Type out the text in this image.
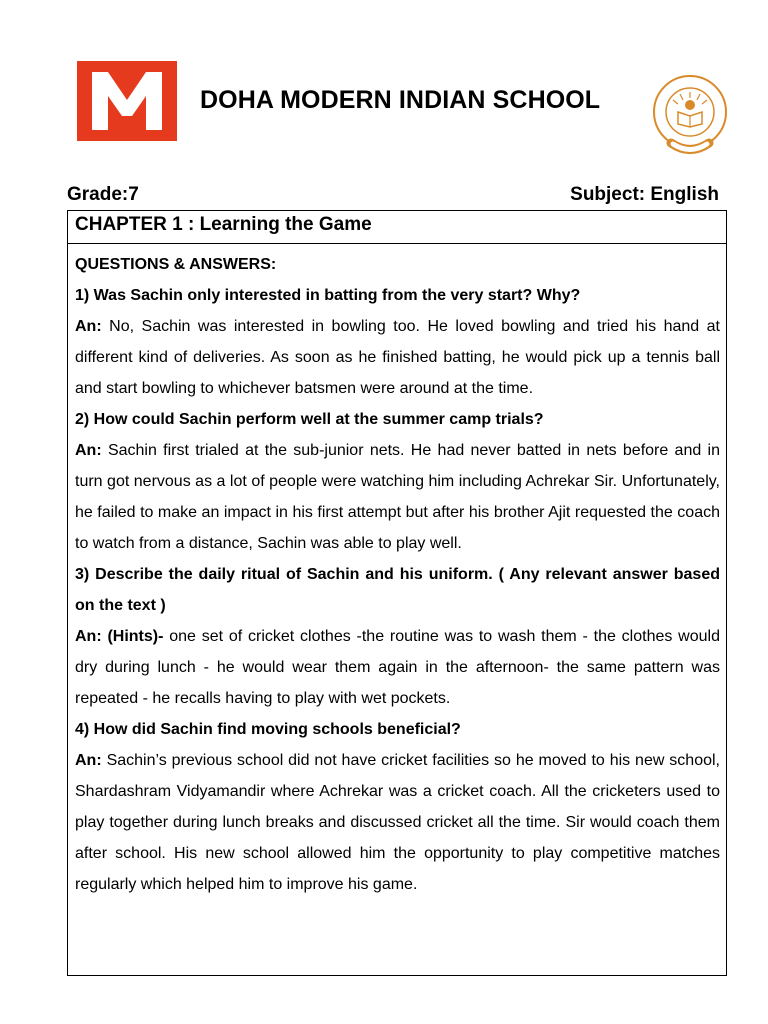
DOHA MODERN INDIAN SCHOOL
Grade:7	Subject: English
CHAPTER 1 : Learning the Game

QUESTIONS & ANSWERS:

1) Was Sachin only interested in batting from the very start? Why?

An: No, Sachin was interested in bowling too. He loved bowling and tried his hand at different kind of deliveries. As soon as he finished batting, he would pick up a tennis ball and start bowling to whichever batsmen were around at the time.

2) How could Sachin perform well at the summer camp trials?

An: Sachin first trialed at the sub-junior nets. He had never batted in nets before and in turn got nervous as a lot of people were watching him including Achrekar Sir. Unfortunately, he failed to make an impact in his first attempt but after his brother Ajit requested the coach to watch from a distance, Sachin was able to play well.

3) Describe the daily ritual of Sachin and his uniform. ( Any relevant answer based on the text )

An: (Hints)- one set of cricket clothes -the routine was to wash them - the clothes would dry during lunch - he would wear them again in the afternoon- the same pattern was repeated - he recalls having to play with wet pockets.

4) How did Sachin find moving schools beneficial?

An: Sachin’s previous school did not have cricket facilities so he moved to his new school, Shardashram Vidyamandir where Achrekar was a cricket coach. All the cricketers used to play together during lunch breaks and discussed cricket all the time. Sir would coach them after school. His new school allowed him the opportunity to play competitive matches regularly which helped him to improve his game.
